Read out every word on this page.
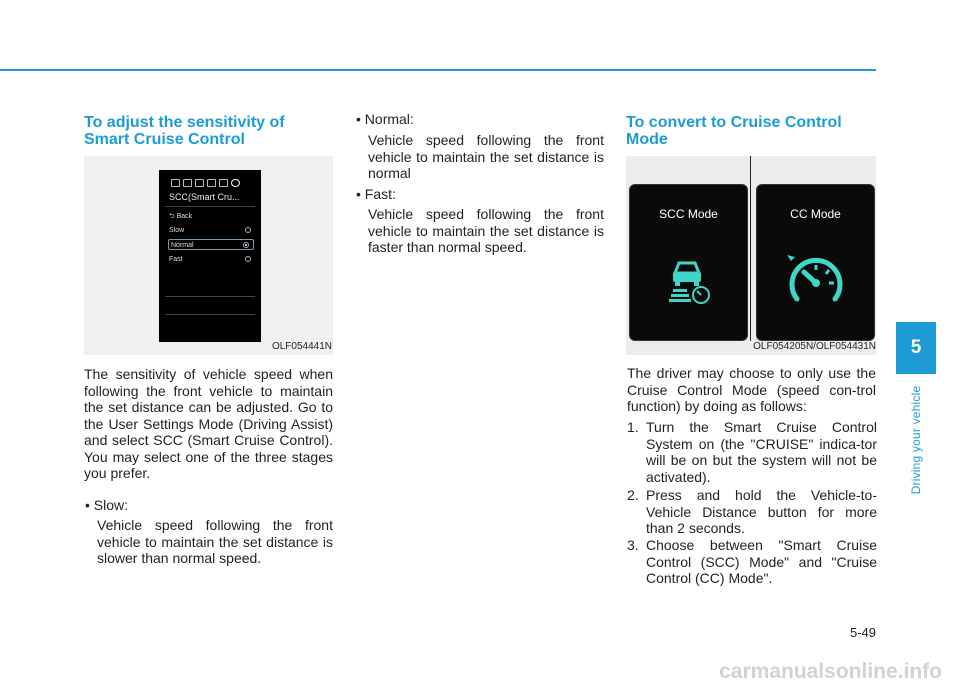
To adjust the sensitivity of
Smart Cruise Control
SCC(Smart Cru...
⮌ Back
Slow
Normal
Fast
OLF054441N

The sensitivity of vehicle speed when following the front vehicle to maintain the set distance can be adjusted. Go to the User Settings Mode (Driving Assist) and select SCC (Smart Cruise Control). You may select one of the three stages you prefer.

• Slow:
Vehicle speed following the front vehicle to maintain the set distance is slower than normal speed.
• Normal:
Vehicle speed following the front vehicle to maintain the set distance is normal
• Fast:
Vehicle speed following the front vehicle to maintain the set distance is faster than normal speed.
To convert to Cruise Control
Mode
SCC Mode	CC Mode
OLF054205N/OLF054431N

The driver may choose to only use the Cruise Control Mode (speed con-trol function) by doing as follows:

1. Turn the Smart Cruise Control System on (the "CRUISE" indica-tor will be on but the system will not be activated).
2. Press and hold the Vehicle-to-Vehicle Distance button for more than 2 seconds.
3. Choose between "Smart Cruise Control (SCC) Mode" and "Cruise Control (CC) Mode".
5
Driving your vehicle
5-49
carmanualsonline.info
